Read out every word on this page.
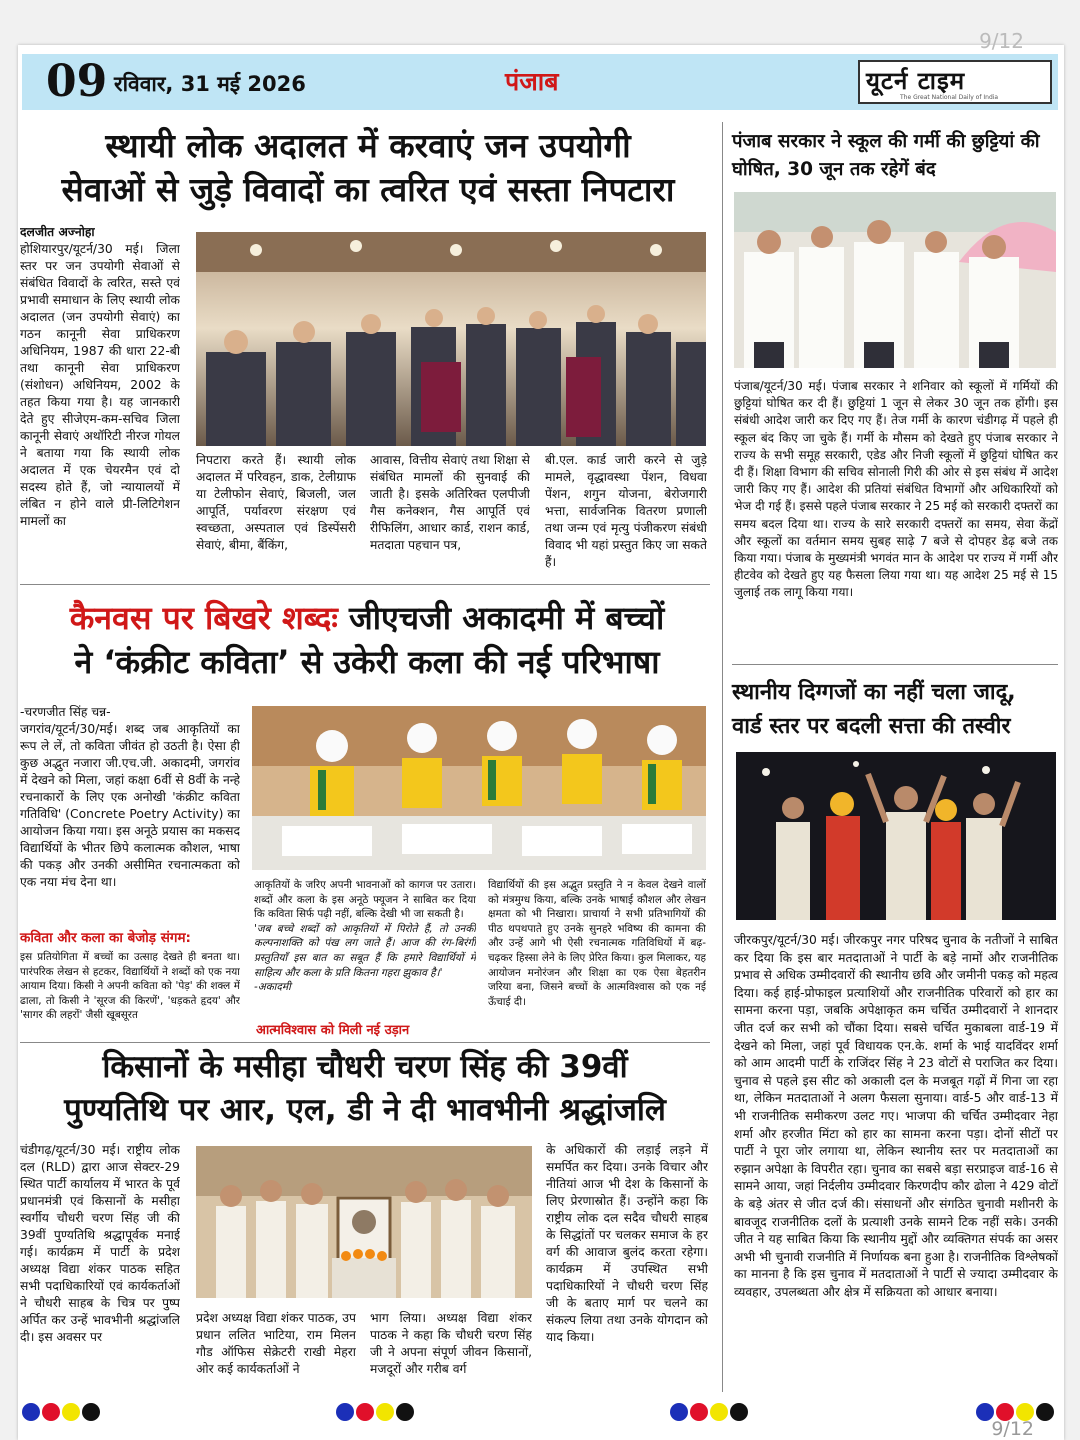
9/12
09 रविवार, 31 मई 2026	पंजाब	यूटर्न टाइम
The Great National Daily of India
स्थायी लोक अदालत में करवाएं जन उपयोगी
सेवाओं से जुड़े विवादों का त्वरित एवं सस्ता निपटारा
दलजीत अज्नोहा

होशियारपुर/यूटर्न/30 मई। जिला स्तर पर जन उपयोगी सेवाओं से संबंधित विवादों के त्वरित, सस्ते एवं प्रभावी समाधान के लिए स्थायी लोक अदालत (जन उपयोगी सेवाएं) का गठन कानूनी सेवा प्राधिकरण अधिनियम, 1987 की धारा 22-बी तथा कानूनी सेवा प्राधिकरण (संशोधन) अधिनियम, 2002 के तहत किया गया है। यह जानकारी देते हुए सीजेएम-कम-सचिव जिला कानूनी सेवाएं अथॉरिटी नीरज गोयल ने बताया गया कि स्थायी लोक अदालत में एक चेयरमैन एवं दो सदस्य होते हैं, जो न्यायालयों में लंबित न होने वाले प्री-लिटिगेशन मामलों का

निपटारा करते हैं। स्थायी लोक अदालत में परिवहन, डाक, टेलीग्राफ या टेलीफोन सेवाएं, बिजली, जल आपूर्ति, पर्यावरण संरक्षण एवं स्वच्छता, अस्पताल एवं डिस्पेंसरी सेवाएं, बीमा, बैंकिंग,

आवास, वित्तीय सेवाएं तथा शिक्षा से संबंधित मामलों की सुनवाई की जाती है। इसके अतिरिक्त एलपीजी गैस कनेक्शन, गैस आपूर्ति एवं रीफिलिंग, आधार कार्ड, राशन कार्ड, मतदाता पहचान पत्र,

बी.एल. कार्ड जारी करने से जुड़े मामले, वृद्धावस्था पेंशन, विधवा पेंशन, शगुन योजना, बेरोजगारी भत्ता, सार्वजनिक वितरण प्रणाली तथा जन्म एवं मृत्यु पंजीकरण संबंधी विवाद भी यहां प्रस्तुत किए जा सकते हैं।

कैनवस पर बिखरे शब्दः जीएचजी अकादमी में बच्चों
ने ‘कंक्रीट कविता’ से उकेरी कला की नई परिभाषा
-चरणजीत सिंह चन्न-

जगरांव/यूटर्न/30/मई। शब्द जब आकृतियों का रूप ले लें, तो कविता जीवंत हो उठती है। ऐसा ही कुछ अद्भुत नजारा जी.एच.जी. अकादमी, जगरांव में देखने को मिला, जहां कक्षा 6वीं से 8वीं के नन्हे रचनाकारों के लिए एक अनोखी 'कंक्रीट कविता गतिविधि' (Concrete Poetry Activity) का आयोजन किया गया। इस अनूठे प्रयास का मकसद विद्यार्थियों के भीतर छिपे कलात्मक कौशल, भाषा की पकड़ और उनकी असीमित रचनात्मकता को एक नया मंच देना था।

कविता और कला का बेजोड़ संगम:

इस प्रतियोगिता में बच्चों का उत्साह देखते ही बनता था। पारंपरिक लेखन से हटकर, विद्यार्थियों ने शब्दों को एक नया आयाम दिया। किसी ने अपनी कविता को 'पेड़' की शक्ल में ढाला, तो किसी ने 'सूरज की किरणें', 'धड़कते हृदय' और 'सागर की लहरों' जैसी खूबसूरत

आकृतियों के जरिए अपनी भावनाओं को कागज पर उतारा। शब्दों और कला के इस अनूठे फ्यूजन ने साबित कर दिया कि कविता सिर्फ पढ़ी नहीं, बल्कि देखी भी जा सकती है।

'जब बच्चे शब्दों को आकृतियों में पिरोते हैं, तो उनकी कल्पनाशक्ति को पंख लग जाते हैं। आज की रंग-बिरंगी प्रस्तुतियाँ इस बात का सबूत हैं कि हमारे विद्यार्थियों में साहित्य और कला के प्रति कितना गहरा झुकाव है।'

-अकादमी

आत्मविश्वास को मिली नई उड़ान

विद्यार्थियों की इस अद्भुत प्रस्तुति ने न केवल देखने वालों को मंत्रमुग्ध किया, बल्कि उनके भाषाई कौशल और लेखन क्षमता को भी निखारा। प्राचार्या ने सभी प्रतिभागियों की पीठ थपथपाते हुए उनके सुनहरे भविष्य की कामना की और उन्हें आगे भी ऐसी रचनात्मक गतिविधियों में बढ़-चढ़कर हिस्सा लेने के लिए प्रेरित किया। कुल मिलाकर, यह आयोजन मनोरंजन और शिक्षा का एक ऐसा बेहतरीन जरिया बना, जिसने बच्चों के आत्मविश्वास को एक नई ऊँचाई दी।

किसानों के मसीहा चौधरी चरण सिंह की 39वीं
पुण्यतिथि पर आर, एल, डी ने दी भावभीनी श्रद्धांजलि

चंडीगढ़/यूटर्न/30 मई। राष्ट्रीय लोक दल (RLD) द्वारा आज सेक्टर-29 स्थित पार्टी कार्यालय में भारत के पूर्व प्रधानमंत्री एवं किसानों के मसीहा स्वर्गीय चौधरी चरण सिंह जी की 39वीं पुण्यतिथि श्रद्धापूर्वक मनाई गई। कार्यक्रम में पार्टी के प्रदेश अध्यक्ष विद्या शंकर पाठक सहित सभी पदाधिकारियों एवं कार्यकर्ताओं ने चौधरी साहब के चित्र पर पुष्प अर्पित कर उन्हें भावभीनी श्रद्धांजलि दी। इस अवसर पर

प्रदेश अध्यक्ष विद्या शंकर पाठक, उप प्रधान ललित भाटिया, राम मिलन गौड ऑफिस सेक्रेटरी राखी मेहरा ओर कई कार्यकर्ताओं ने

भाग लिया। अध्यक्ष विद्या शंकर पाठक ने कहा कि चौधरी चरण सिंह जी ने अपना संपूर्ण जीवन किसानों, मजदूरों और गरीब वर्ग

के अधिकारों की लड़ाई लड़ने में समर्पित कर दिया। उनके विचार और नीतियां आज भी देश के किसानों के लिए प्रेरणास्रोत हैं। उन्होंने कहा कि राष्ट्रीय लोक दल सदैव चौधरी साहब के सिद्धांतों पर चलकर समाज के हर वर्ग की आवाज बुलंद करता रहेगा। कार्यक्रम में उपस्थित सभी पदाधिकारियों ने चौधरी चरण सिंह जी के बताए मार्ग पर चलने का संकल्प लिया तथा उनके योगदान को याद किया।

पंजाब सरकार ने स्कूल की गर्मी की छुट्टियां की
घोषित, 30 जून तक रहेगें बंद

पंजाब/यूटर्न/30 मई। पंजाब सरकार ने शनिवार को स्कूलों में गर्मियों की छुट्टियां घोषित कर दी हैं। छुट्टियां 1 जून से लेकर 30 जून तक होंगी। इस संबंधी आदेश जारी कर दिए गए हैं। तेज गर्मी के कारण चंडीगढ़ में पहले ही स्कूल बंद किए जा चुके हैं। गर्मी के मौसम को देखते हुए पंजाब सरकार ने राज्य के सभी समूह सरकारी, एडेड और निजी स्कूलों में छुट्टियां घोषित कर दी हैं। शिक्षा विभाग की सचिव सोनाली गिरी की ओर से इस संबंध में आदेश जारी किए गए हैं। आदेश की प्रतियां संबंधित विभागों और अधिकारियों को भेज दी गई हैं। इससे पहले पंजाब सरकार ने 25 मई को सरकारी दफ्तरों का समय बदल दिया था। राज्य के सारे सरकारी दफ्तरों का समय, सेवा केंद्रों और स्कूलों का वर्तमान समय सुबह साढ़े 7 बजे से दोपहर डेढ़ बजे तक किया गया। पंजाब के मुख्यमंत्री भगवंत मान के आदेश पर राज्य में गर्मी और हीटवेव को देखते हुए यह फैसला लिया गया था। यह आदेश 25 मई से 15 जुलाई तक लागू किया गया।

स्थानीय दिग्गजों का नहीं चला जादू,
वार्ड स्तर पर बदली सत्ता की तस्वीर

जीरकपुर/यूटर्न/30 मई। जीरकपुर नगर परिषद चुनाव के नतीजों ने साबित कर दिया कि इस बार मतदाताओं ने पार्टी के बड़े नामों और राजनीतिक प्रभाव से अधिक उम्मीदवारों की स्थानीय छवि और जमीनी पकड़ को महत्व दिया। कई हाई-प्रोफाइल प्रत्याशियों और राजनीतिक परिवारों को हार का सामना करना पड़ा, जबकि अपेक्षाकृत कम चर्चित उम्मीदवारों ने शानदार जीत दर्ज कर सभी को चौंका दिया। सबसे चर्चित मुकाबला वार्ड-19 में देखने को मिला, जहां पूर्व विधायक एन.के. शर्मा के भाई यादविंदर शर्मा को आम आदमी पार्टी के राजिंदर सिंह ने 23 वोटों से पराजित कर दिया। चुनाव से पहले इस सीट को अकाली दल के मजबूत गढ़ों में गिना जा रहा था, लेकिन मतदाताओं ने अलग फैसला सुनाया। वार्ड-5 और वार्ड-13 में भी राजनीतिक समीकरण उलट गए। भाजपा की चर्चित उम्मीदवार नेहा शर्मा और हरजीत मिंटा को हार का सामना करना पड़ा। दोनों सीटों पर पार्टी ने पूरा जोर लगाया था, लेकिन स्थानीय स्तर पर मतदाताओं का रुझान अपेक्षा के विपरीत रहा। चुनाव का सबसे बड़ा सरप्राइज वार्ड-16 से सामने आया, जहां निर्दलीय उम्मीदवार किरणदीप कौर ढोला ने 429 वोटों के बड़े अंतर से जीत दर्ज की। संसाधनों और संगठित चुनावी मशीनरी के बावजूद राजनीतिक दलों के प्रत्याशी उनके सामने टिक नहीं सके। उनकी जीत ने यह साबित किया कि स्थानीय मुद्दों और व्यक्तिगत संपर्क का असर अभी भी चुनावी राजनीति में निर्णायक बना हुआ है। राजनीतिक विश्लेषकों का मानना है कि इस चुनाव में मतदाताओं ने पार्टी से ज्यादा उम्मीदवार के व्यवहार, उपलब्धता और क्षेत्र में सक्रियता को आधार बनाया।

9/12
